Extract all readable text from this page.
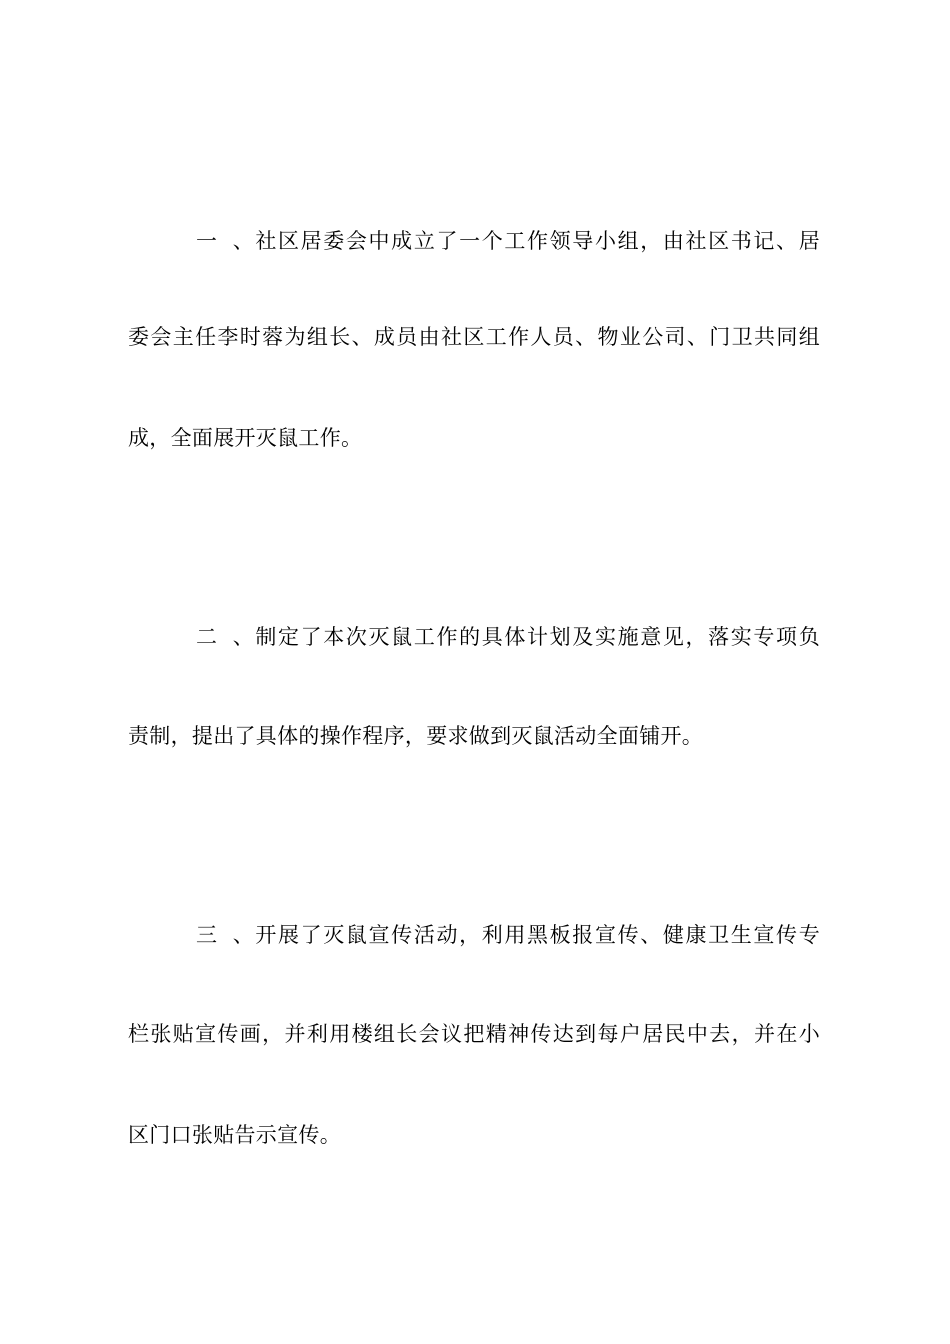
一、社区居委会中成立了一个工作领导小组，由社区书记、居
委会主任李时蓉为组长、成员由社区工作人员、物业公司、门卫共同组
成，全面展开灭鼠工作。
二、制定了本次灭鼠工作的具体计划及实施意见，落实专项负
责制，提出了具体的操作程序，要求做到灭鼠活动全面铺开。
三、开展了灭鼠宣传活动，利用黑板报宣传、健康卫生宣传专
栏张贴宣传画，并利用楼组长会议把精神传达到每户居民中去，并在小
区门口张贴告示宣传。
